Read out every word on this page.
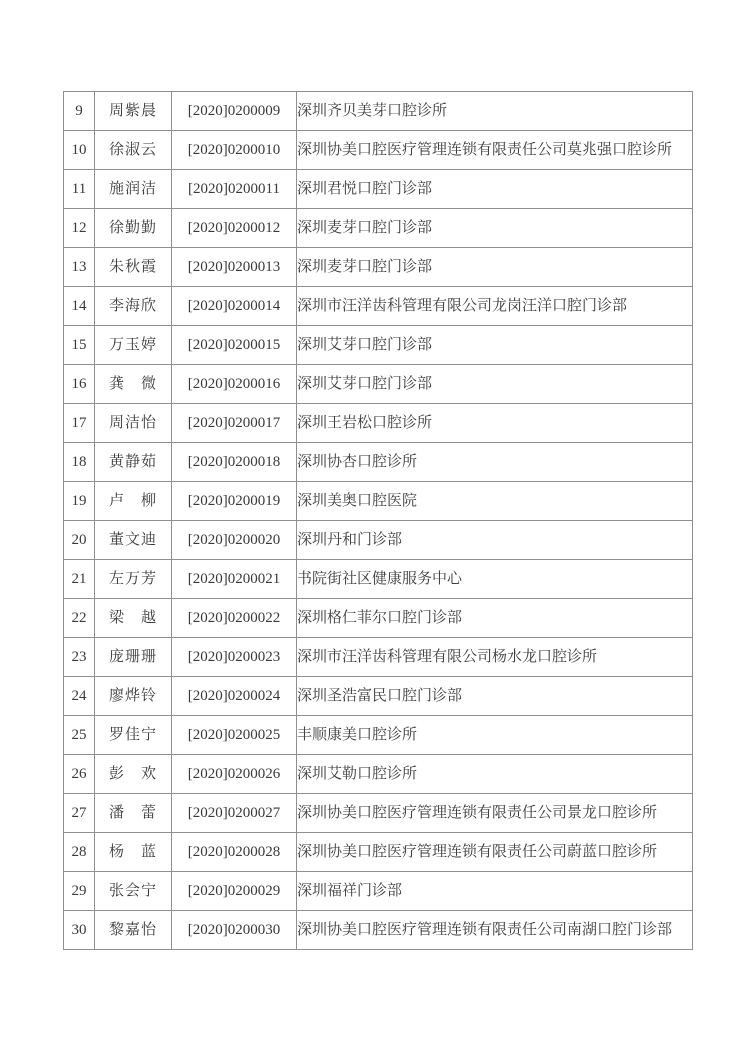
9	周紫晨	[2020]0200009	深圳齐贝美芽口腔诊所
10	徐淑云	[2020]0200010	深圳协美口腔医疗管理连锁有限责任公司莫兆强口腔诊所
11	施润洁	[2020]0200011	深圳君悦口腔门诊部
12	徐勤勤	[2020]0200012	深圳麦芽口腔门诊部
13	朱秋霞	[2020]0200013	深圳麦芽口腔门诊部
14	李海欣	[2020]0200014	深圳市汪洋齿科管理有限公司龙岗汪洋口腔门诊部
15	万玉婷	[2020]0200015	深圳艾芽口腔门诊部
16	龚　微	[2020]0200016	深圳艾芽口腔门诊部
17	周洁怡	[2020]0200017	深圳王岩松口腔诊所
18	黄静茹	[2020]0200018	深圳协杏口腔诊所
19	卢　柳	[2020]0200019	深圳美奥口腔医院
20	董文迪	[2020]0200020	深圳丹和门诊部
21	左万芳	[2020]0200021	书院街社区健康服务中心
22	梁　越	[2020]0200022	深圳格仁菲尔口腔门诊部
23	庞珊珊	[2020]0200023	深圳市汪洋齿科管理有限公司杨水龙口腔诊所
24	廖烨铃	[2020]0200024	深圳圣浩富民口腔门诊部
25	罗佳宁	[2020]0200025	丰顺康美口腔诊所
26	彭　欢	[2020]0200026	深圳艾勒口腔诊所
27	潘　蕾	[2020]0200027	深圳协美口腔医疗管理连锁有限责任公司景龙口腔诊所
28	杨　蓝	[2020]0200028	深圳协美口腔医疗管理连锁有限责任公司蔚蓝口腔诊所
29	张会宁	[2020]0200029	深圳福祥门诊部
30	黎嘉怡	[2020]0200030	深圳协美口腔医疗管理连锁有限责任公司南湖口腔门诊部
